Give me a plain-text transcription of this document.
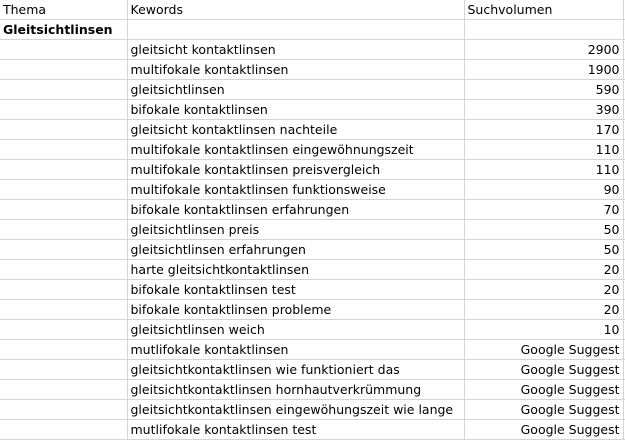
Thema	Kewords	Suchvolumen	
Gleitsichtlinsen			
	gleitsicht kontaktlinsen	2900	
	multifokale kontaktlinsen	1900	
	gleitsichtlinsen	590	
	bifokale kontaktlinsen	390	
	gleitsicht kontaktlinsen nachteile	170	
	multifokale kontaktlinsen eingewöhnungszeit	110	
	multifokale kontaktlinsen preisvergleich	110	
	multifokale kontaktlinsen funktionsweise	90	
	bifokale kontaktlinsen erfahrungen	70	
	gleitsichtlinsen preis	50	
	gleitsichtlinsen erfahrungen	50	
	harte gleitsichtkontaktlinsen	20	
	bifokale kontaktlinsen test	20	
	bifokale kontaktlinsen probleme	20	
	gleitsichtlinsen weich	10	
	mutlifokale kontaktlinsen	Google Suggest	
	gleitsichtkontaktlinsen wie funktioniert das	Google Suggest	
	gleitsichtkontaktlinsen hornhautverkrümmung	Google Suggest	
	gleitsichtkontaktlinsen eingewöhungszeit wie lange	Google Suggest	
	mutlifokale kontaktlinsen test	Google Suggest	
